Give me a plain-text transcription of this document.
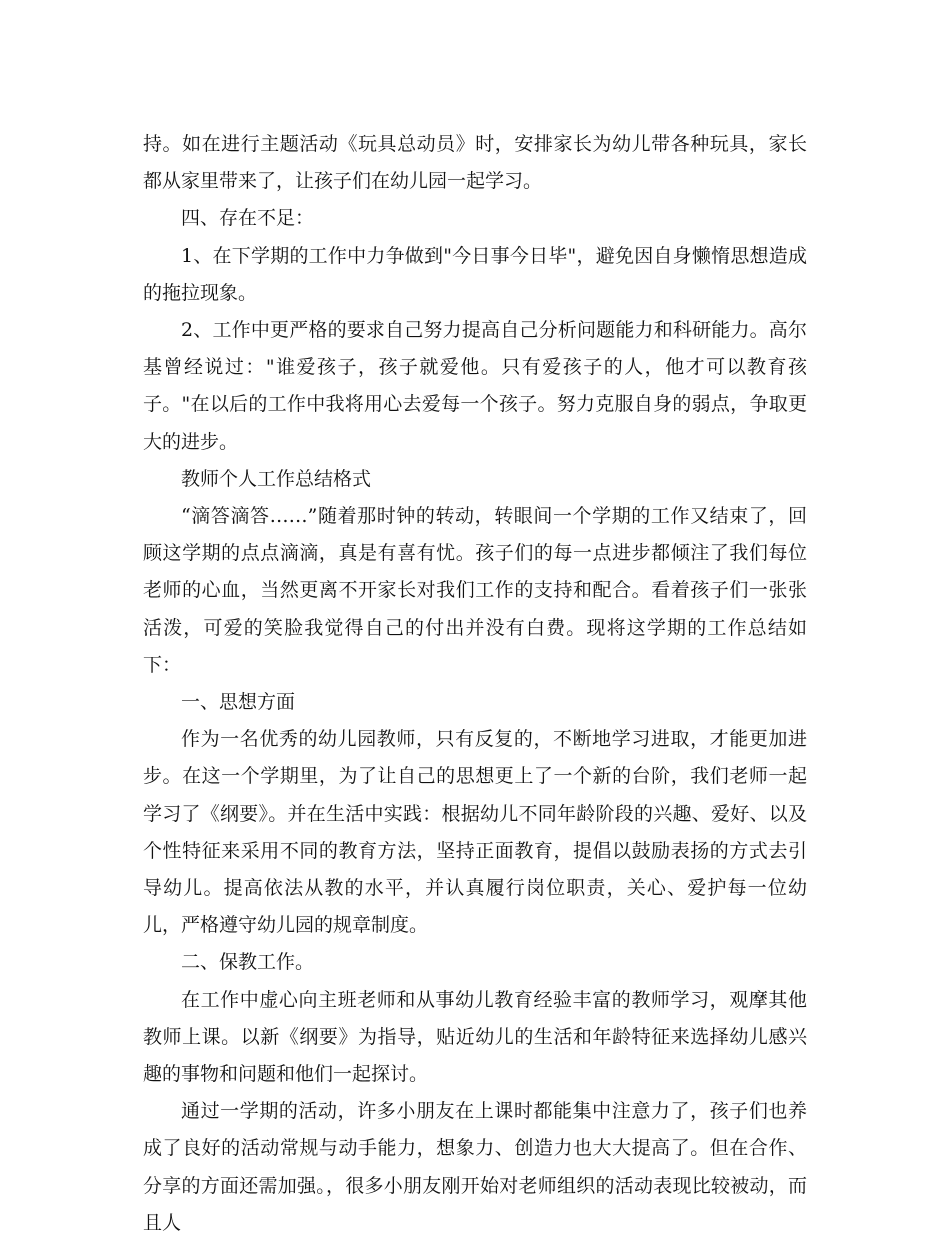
持。如在进行主题活动《玩具总动员》时，安排家长为幼儿带各种玩具，家长都从家里带来了，让孩子们在幼儿园一起学习。

四、存在不足：

1、在下学期的工作中力争做到"今日事今日毕"，避免因自身懒惰思想造成的拖拉现象。

2、工作中更严格的要求自己努力提高自己分析问题能力和科研能力。高尔基曾经说过："谁爱孩子，孩子就爱他。只有爱孩子的人，他才可以教育孩子。"在以后的工作中我将用心去爱每一个孩子。努力克服自身的弱点，争取更大的进步。

教师个人工作总结格式

“滴答滴答……”随着那时钟的转动，转眼间一个学期的工作又结束了，回顾这学期的点点滴滴，真是有喜有忧。孩子们的每一点进步都倾注了我们每位老师的心血，当然更离不开家长对我们工作的支持和配合。看着孩子们一张张活泼，可爱的笑脸我觉得自己的付出并没有白费。现将这学期的工作总结如下：

一、思想方面

作为一名优秀的幼儿园教师，只有反复的，不断地学习进取，才能更加进步。在这一个学期里，为了让自己的思想更上了一个新的台阶，我们老师一起学习了《纲要》。并在生活中实践：根据幼儿不同年龄阶段的兴趣、爱好、以及个性特征来采用不同的教育方法，坚持正面教育，提倡以鼓励表扬的方式去引导幼儿。提高依法从教的水平，并认真履行岗位职责，关心、爱护每一位幼儿，严格遵守幼儿园的规章制度。

二、保教工作。

在工作中虚心向主班老师和从事幼儿教育经验丰富的教师学习，观摩其他教师上课。以新《纲要》为指导，贴近幼儿的生活和年龄特征来选择幼儿感兴趣的事物和问题和他们一起探讨。

通过一学期的活动，许多小朋友在上课时都能集中注意力了，孩子们也养成了良好的活动常规与动手能力，想象力、创造力也大大提高了。但在合作、分享的方面还需加强。，很多小朋友刚开始对老师组织的活动表现比较被动，而且人
